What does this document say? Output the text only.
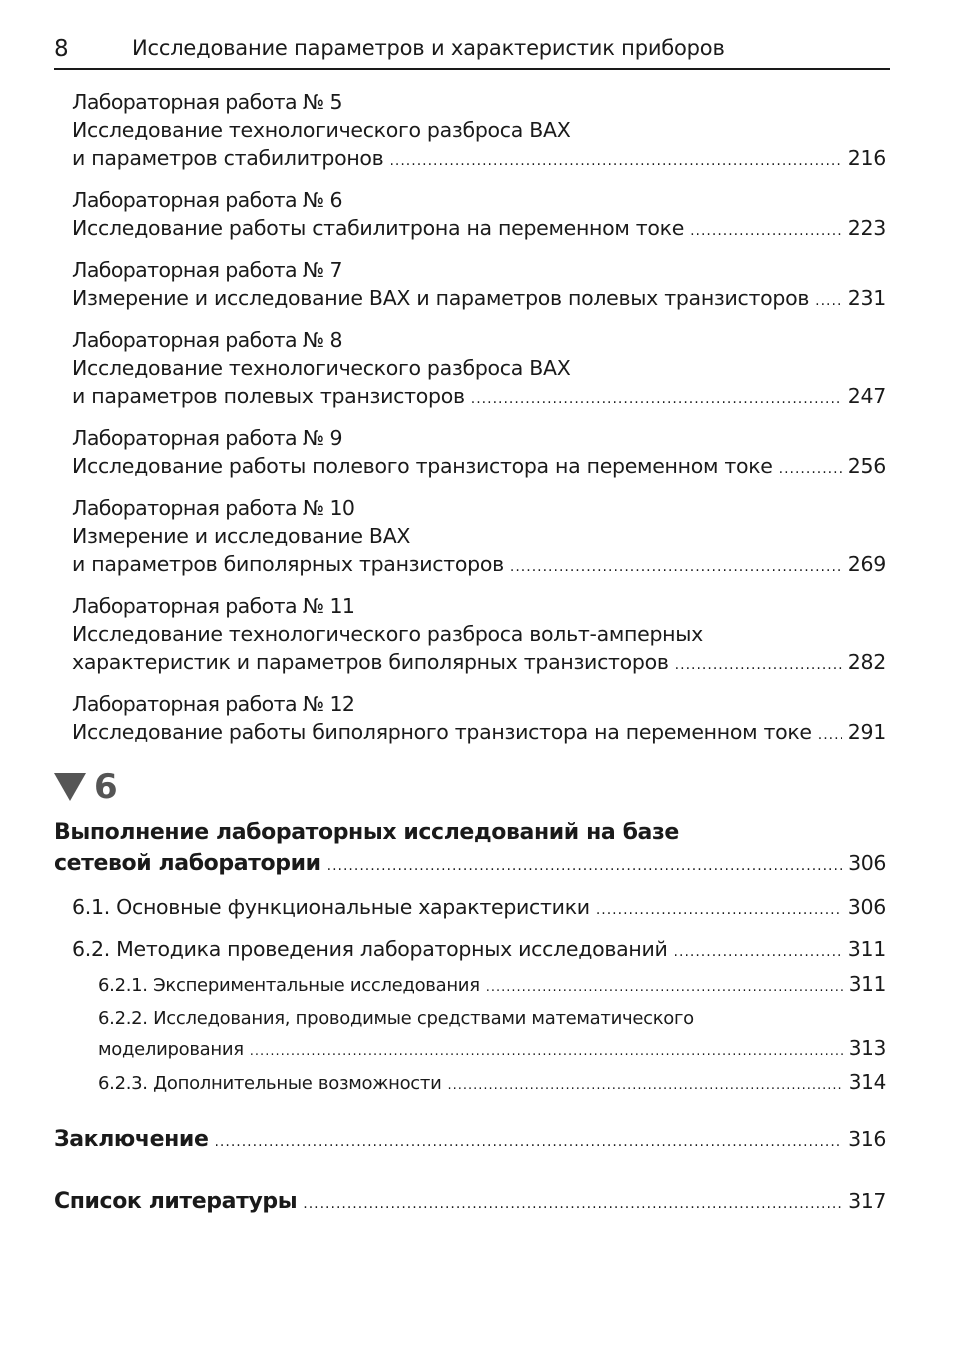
8	Исследование параметров и характеристик приборов
Лабораторная работа № 5
Исследование технологического разброса ВАХ
и параметров стабилитронов .....	216
Лабораторная работа № 6
Исследование работы стабилитрона на переменном токе .....	223
Лабораторная работа № 7
Измерение и исследование ВАХ и параметров полевых транзисторов ..... 231
Лабораторная работа № 8
Исследование технологического разброса ВАХ
и параметров полевых транзисторов .....	247
Лабораторная работа № 9
Исследование работы полевого транзистора на переменном токе .....	256
Лабораторная работа № 10
Измерение и исследование ВАХ
и параметров биполярных транзисторов .....	269
Лабораторная работа № 11
Исследование технологического разброса вольт-амперных
характеристик и параметров биполярных транзисторов .....	282
Лабораторная работа № 12
Исследование работы биполярного транзистора на переменном токе ..... 291
6
Выполнение лабораторных исследований на базе
сетевой лаборатории .....	306
6.1. Основные функциональные характеристики .....	306
6.2. Методика проведения лабораторных исследований .....	311
6.2.1. Экспериментальные исследования .....	311
6.2.2. Исследования, проводимые средствами математического
моделирования .....	313
6.2.3. Дополнительные возможности .....	314
Заключение .....	316
Список литературы .....	317
